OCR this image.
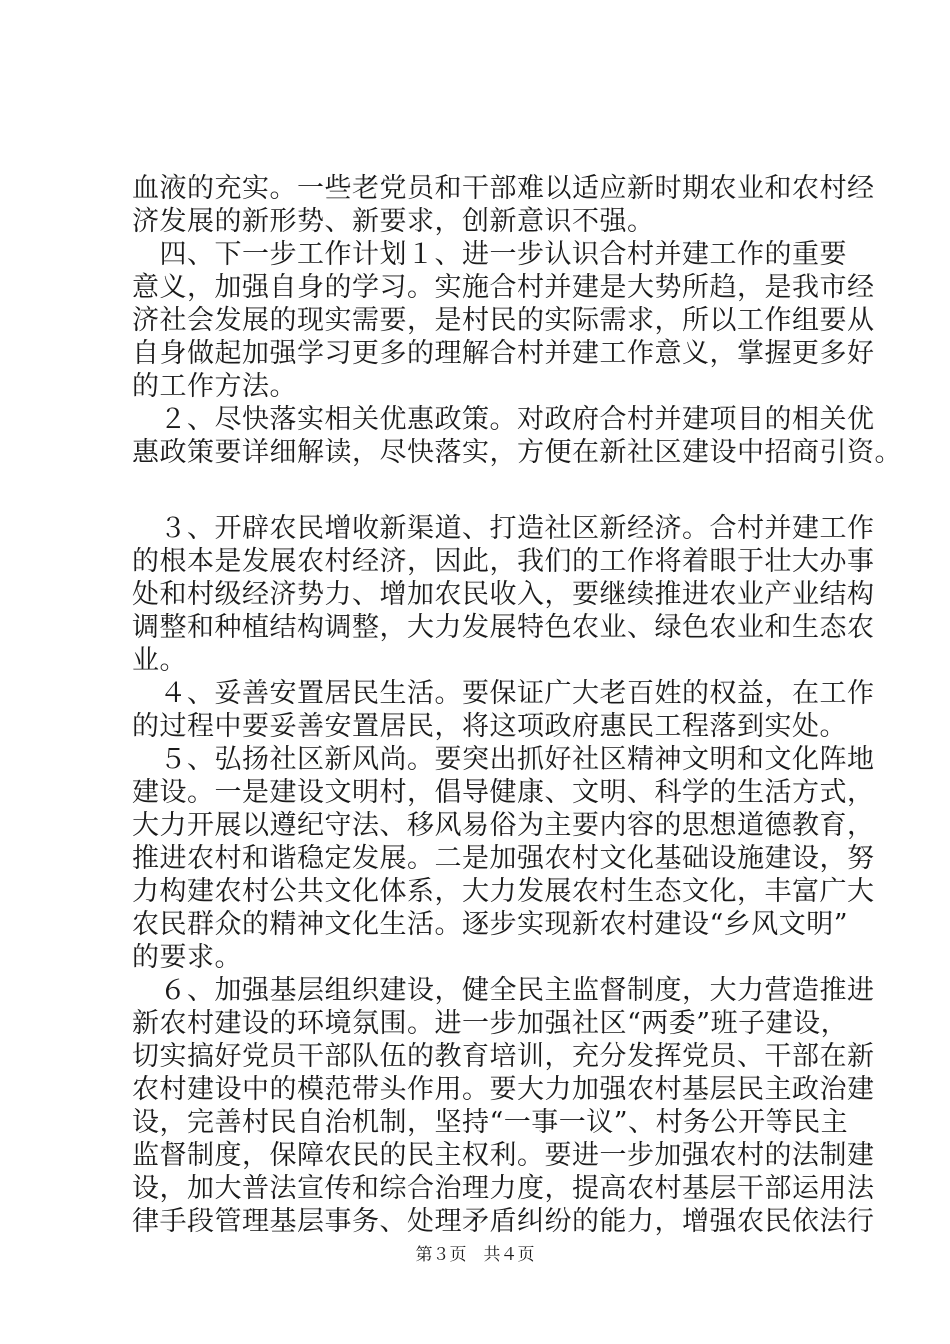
血液的充实。一些老党员和干部难以适应新时期农业和农村经
济发展的新形势、新要求，创新意识不强。
　四、下一步工作计划１、进一步认识合村并建工作的重要
意义，加强自身的学习。实施合村并建是大势所趋，是我市经
济社会发展的现实需要，是村民的实际需求，所以工作组要从
自身做起加强学习更多的理解合村并建工作意义，掌握更多好
的工作方法。
　２、尽快落实相关优惠政策。对政府合村并建项目的相关优
惠政策要详细解读，尽快落实，方便在新社区建设中招商引资。
　３、开辟农民增收新渠道、打造社区新经济。合村并建工作
的根本是发展农村经济，因此，我们的工作将着眼于壮大办事
处和村级经济势力、增加农民收入，要继续推进农业产业结构
调整和种植结构调整，大力发展特色农业、绿色农业和生态农
业。
　４、妥善安置居民生活。要保证广大老百姓的权益，在工作
的过程中要妥善安置居民，将这项政府惠民工程落到实处。
　５、弘扬社区新风尚。要突出抓好社区精神文明和文化阵地
建设。一是建设文明村，倡导健康、文明、科学的生活方式，
大力开展以遵纪守法、移风易俗为主要内容的思想道德教育，
推进农村和谐稳定发展。二是加强农村文化基础设施建设，努
力构建农村公共文化体系，大力发展农村生态文化，丰富广大
农民群众的精神文化生活。逐步实现新农村建设“乡风文明”
的要求。
　６、加强基层组织建设，健全民主监督制度，大力营造推进
新农村建设的环境氛围。进一步加强社区“两委”班子建设，
切实搞好党员干部队伍的教育培训，充分发挥党员、干部在新
农村建设中的模范带头作用。要大力加强农村基层民主政治建
设，完善村民自治机制，坚持“一事一议”、村务公开等民主
监督制度，保障农民的民主权利。要进一步加强农村的法制建
设，加大普法宣传和综合治理力度，提高农村基层干部运用法
律手段管理基层事务、处理矛盾纠纷的能力，增强农民依法行
第３页　共４页
